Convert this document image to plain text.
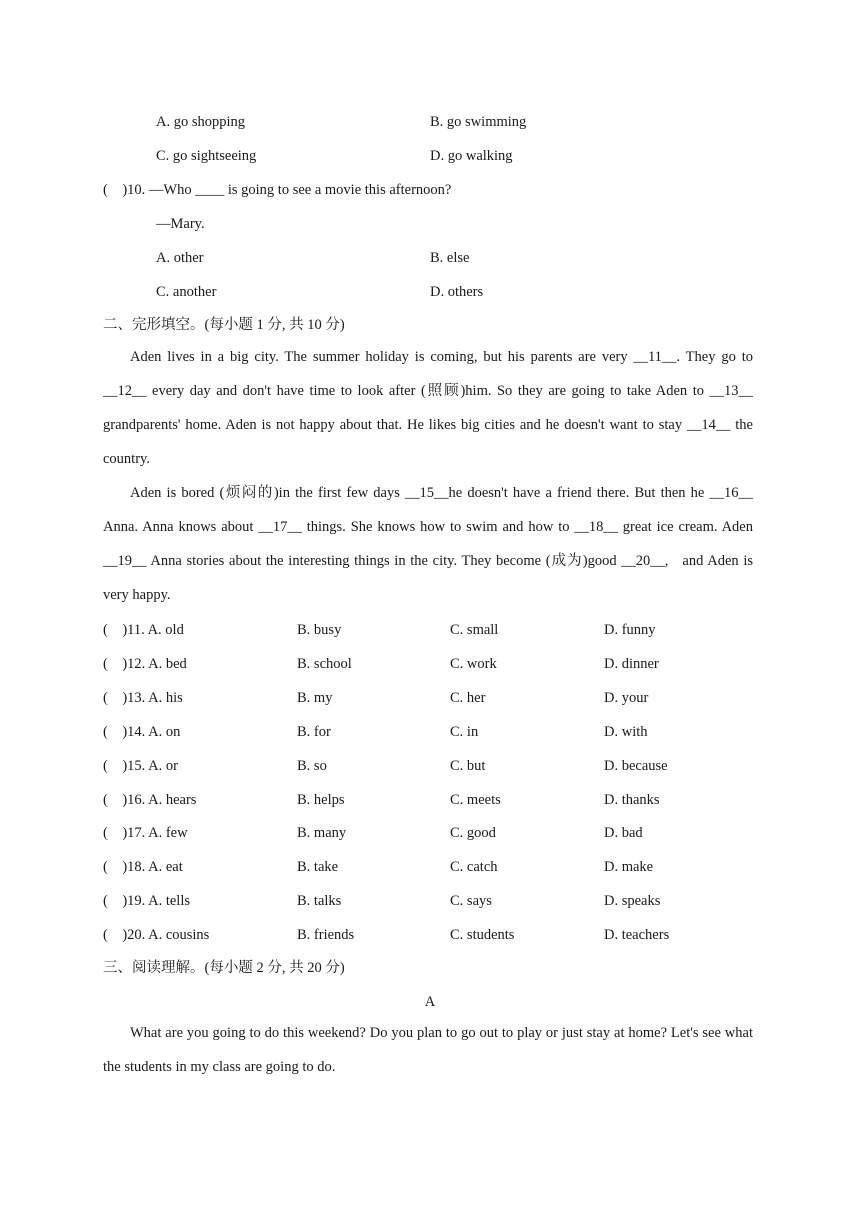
A. go shopping	B. go swimming
C. go sightseeing	D. go walking
(    )10. —Who ____ is going to see a movie this afternoon?
—Mary.
A. other	B. else
C. another	D. others
二、完形填空。(每小题 1 分, 共 10 分)
Aden lives in a big city. The summer holiday is coming, but his parents are very __11__. They go to __12__ every day and don't have time to look after (照顾)him. So they are going to take Aden to __13__ grandparents' home. Aden is not happy about that. He likes big cities and he doesn't want to stay __14__ the country.
Aden is bored (烦闷的)in the first few days __15__he doesn't have a friend there. But then he __16__ Anna. Anna knows about __17__ things. She knows how to swim and how to __18__ great ice cream. Aden __19__ Anna stories about the interesting things in the city. They become (成为)good __20__,   and Aden is very happy.
(    )11. A. old	B. busy	C. small	D. funny
(    )12. A. bed	B. school	C. work	D. dinner
(    )13. A. his	B. my	C. her	D. your
(    )14. A. on	B. for	C. in	D. with
(    )15. A. or	B. so	C. but	D. because
(    )16. A. hears	B. helps	C. meets	D. thanks
(    )17. A. few	B. many	C. good	D. bad
(    )18. A. eat	B. take	C. catch	D. make
(    )19. A. tells	B. talks	C. says	D. speaks
(    )20. A. cousins	B. friends	C. students	D. teachers
三、阅读理解。(每小题 2 分, 共 20 分)
A
What are you going to do this weekend? Do you plan to go out to play or just stay at home? Let's see what the students in my class are going to do.
